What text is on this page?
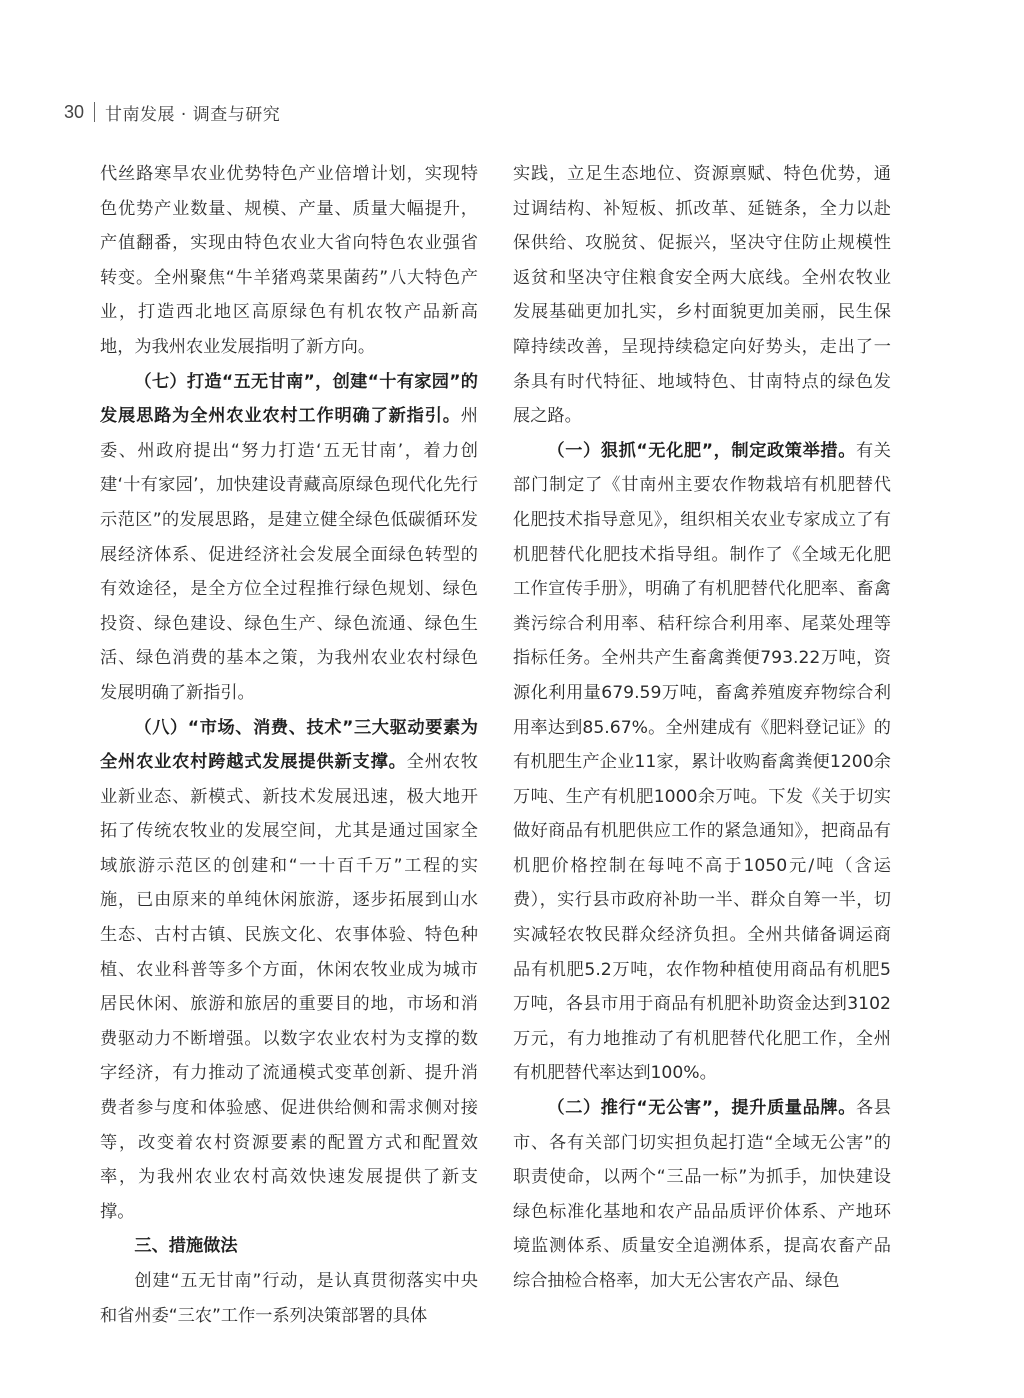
30 甘南发展 · 调查与研究

代丝路寒旱农业优势特色产业倍增计划，实现特色优势产业数量、规模、产量、质量大幅提升，产值翻番，实现由特色农业大省向特色农业强省转变。全州聚焦“牛羊猪鸡菜果菌药”八大特色产业，打造西北地区高原绿色有机农牧产品新高地，为我州农业发展指明了新方向。

（七）打造“五无甘南”，创建“十有家园”的发展思路为全州农业农村工作明确了新指引。州委、州政府提出“努力打造‘五无甘南’，着力创建‘十有家园’，加快建设青藏高原绿色现代化先行示范区”的发展思路，是建立健全绿色低碳循环发展经济体系、促进经济社会发展全面绿色转型的有效途径，是全方位全过程推行绿色规划、绿色投资、绿色建设、绿色生产、绿色流通、绿色生活、绿色消费的基本之策，为我州农业农村绿色发展明确了新指引。

（八）“市场、消费、技术”三大驱动要素为全州农业农村跨越式发展提供新支撑。全州农牧业新业态、新模式、新技术发展迅速，极大地开拓了传统农牧业的发展空间，尤其是通过国家全域旅游示范区的创建和“一十百千万”工程的实施，已由原来的单纯休闲旅游，逐步拓展到山水生态、古村古镇、民族文化、农事体验、特色种植、农业科普等多个方面，休闲农牧业成为城市居民休闲、旅游和旅居的重要目的地，市场和消费驱动力不断增强。以数字农业农村为支撑的数字经济，有力推动了流通模式变革创新、提升消费者参与度和体验感、促进供给侧和需求侧对接等，改变着农村资源要素的配置方式和配置效率，为我州农业农村高效快速发展提供了新支撑。

三、措施做法

创建“五无甘南”行动，是认真贯彻落实中央和省州委“三农”工作一系列决策部署的具体

实践，立足生态地位、资源禀赋、特色优势，通过调结构、补短板、抓改革、延链条，全力以赴保供给、攻脱贫、促振兴，坚决守住防止规模性返贫和坚决守住粮食安全两大底线。全州农牧业发展基础更加扎实，乡村面貌更加美丽，民生保障持续改善，呈现持续稳定向好势头，走出了一条具有时代特征、地域特色、甘南特点的绿色发展之路。

（一）狠抓“无化肥”，制定政策举措。有关部门制定了《甘南州主要农作物栽培有机肥替代化肥技术指导意见》，组织相关农业专家成立了有机肥替代化肥技术指导组。制作了《全域无化肥工作宣传手册》，明确了有机肥替代化肥率、畜禽粪污综合利用率、秸秆综合利用率、尾菜处理等指标任务。全州共产生畜禽粪便793.22万吨，资源化利用量679.59万吨，畜禽养殖废弃物综合利用率达到85.67%。全州建成有《肥料登记证》的有机肥生产企业11家，累计收购畜禽粪便1200余万吨、生产有机肥1000余万吨。下发《关于切实做好商品有机肥供应工作的紧急通知》，把商品有机肥价格控制在每吨不高于1050元/吨（含运费），实行县市政府补助一半、群众自筹一半，切实减轻农牧民群众经济负担。全州共储备调运商品有机肥5.2万吨，农作物种植使用商品有机肥5万吨，各县市用于商品有机肥补助资金达到3102万元，有力地推动了有机肥替代化肥工作，全州有机肥替代率达到100%。

（二）推行“无公害”，提升质量品牌。各县市、各有关部门切实担负起打造“全域无公害”的职责使命，以两个“三品一标”为抓手，加快建设绿色标准化基地和农产品品质评价体系、产地环境监测体系、质量安全追溯体系，提高农畜产品综合抽检合格率，加大无公害农产品、绿色
